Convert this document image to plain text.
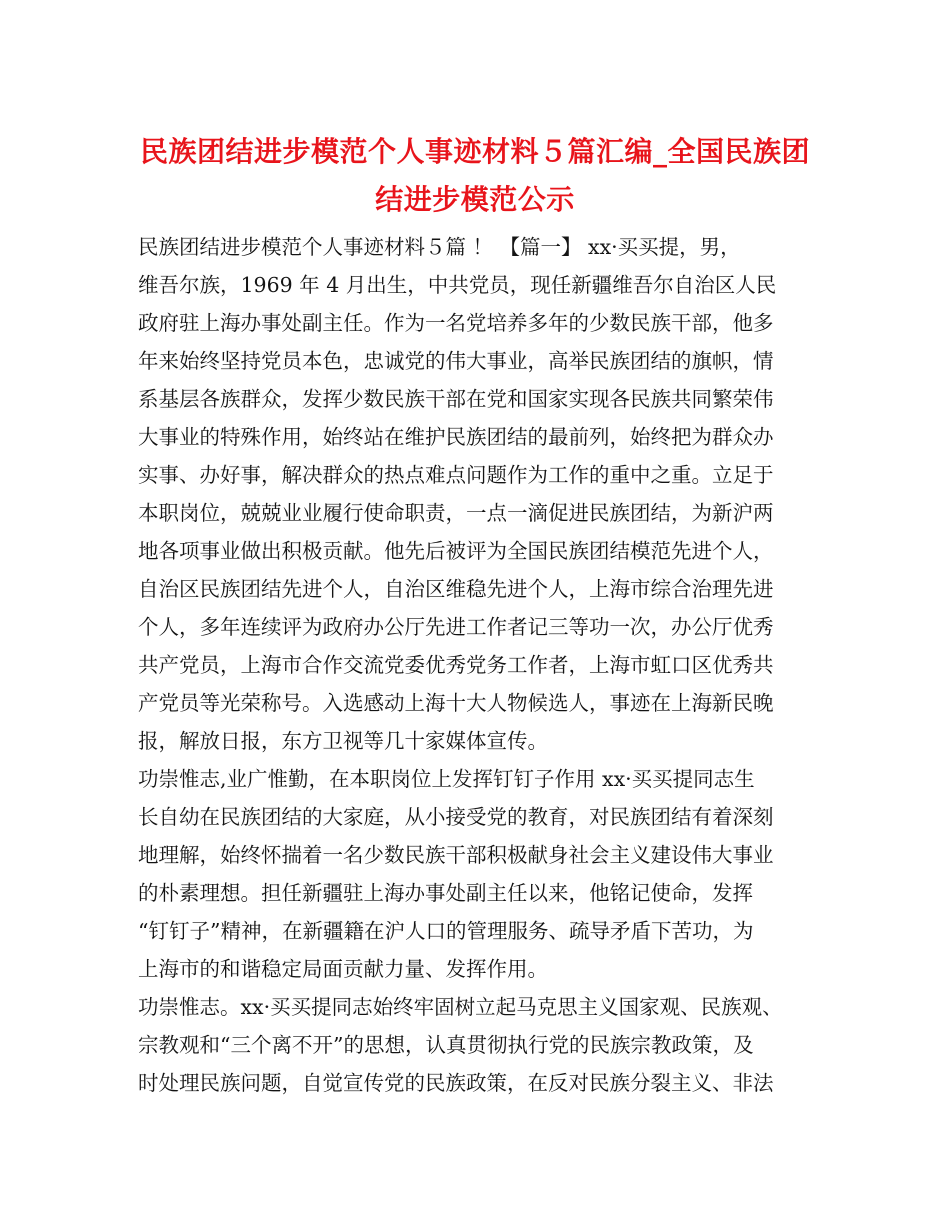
民族团结进步模范个人事迹材料５篇汇编_全国民族团
结进步模范公示
民族团结进步模范个人事迹材料５篇 ！ 【篇一】 xx·买买提，男，
维吾尔族，1969 年 4 月出生，中共党员，现任新疆维吾尔自治区人民
政府驻上海办事处副主任。作为一名党培养多年的少数民族干部，他多
年来始终坚持党员本色，忠诚党的伟大事业，高举民族团结的旗帜，情
系基层各族群众，发挥少数民族干部在党和国家实现各民族共同繁荣伟
大事业的特殊作用，始终站在维护民族团结的最前列，始终把为群众办
实事、办好事，解决群众的热点难点问题作为工作的重中之重。立足于
本职岗位，兢兢业业履行使命职责，一点一滴促进民族团结，为新沪两
地各项事业做出积极贡献。他先后被评为全国民族团结模范先进个人，
自治区民族团结先进个人，自治区维稳先进个人，上海市综合治理先进
个人，多年连续评为政府办公厅先进工作者记三等功一次，办公厅优秀
共产党员，上海市合作交流党委优秀党务工作者，上海市虹口区优秀共
产党员等光荣称号。入选感动上海十大人物候选人，事迹在上海新民晚
报，解放日报，东方卫视等几十家媒体宣传。
功崇惟志,业广惟勤，在本职岗位上发挥钉钉子作用 xx·买买提同志生
长自幼在民族团结的大家庭，从小接受党的教育，对民族团结有着深刻
地理解，始终怀揣着一名少数民族干部积极献身社会主义建设伟大事业
的朴素理想。担任新疆驻上海办事处副主任以来，他铭记使命，发挥
“钉钉子”精神，在新疆籍在沪人口的管理服务、疏导矛盾下苦功，为
上海市的和谐稳定局面贡献力量、发挥作用。
功崇惟志。xx·买买提同志始终牢固树立起马克思主义国家观、民族观、
宗教观和“三个离不开”的思想，认真贯彻执行党的民族宗教政策，及
时处理民族问题，自觉宣传党的民族政策，在反对民族分裂主义、非法
